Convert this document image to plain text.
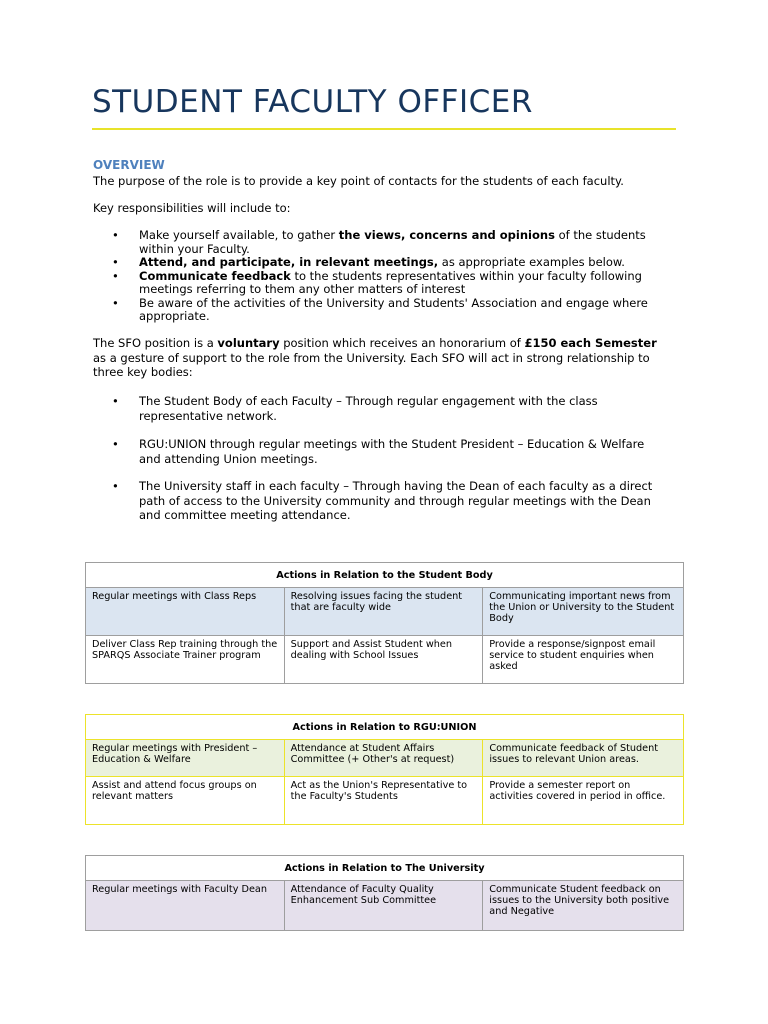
STUDENT FACULTY OFFICER
OVERVIEW
The purpose of the role is to provide a key point of contacts for the students of each faculty.
Key responsibilities will include to:
• Make yourself available, to gather the views, concerns and opinions of the students within your Faculty.
• Attend, and participate, in relevant meetings, as appropriate examples below.
• Communicate feedback to the students representatives within your faculty following meetings referring to them any other matters of interest
• Be aware of the activities of the University and Students' Association and engage where appropriate.
The SFO position is a voluntary position which receives an honorarium of £150 each Semester as a gesture of support to the role from the University. Each SFO will act in strong relationship to three key bodies:
• The Student Body of each Faculty – Through regular engagement with the class representative network.
• RGU:UNION through regular meetings with the Student President – Education & Welfare and attending Union meetings.
• The University staff in each faculty – Through having the Dean of each faculty as a direct path of access to the University community and through regular meetings with the Dean and committee meeting attendance.
Actions in Relation to the Student Body		
Regular meetings with Class Reps	Resolving issues facing the student that are faculty wide	Communicating important news from the Union or University to the Student Body
Deliver Class Rep training through the SPARQS Associate Trainer program	Support and Assist Student when dealing with School Issues	Provide a response/signpost email service to student enquiries when asked
Actions in Relation to RGU:UNION		
Regular meetings with President – Education & Welfare	Attendance at Student Affairs Committee (+ Other's at request)	Communicate feedback of Student issues to relevant Union areas.
Assist and attend focus groups on relevant matters	Act as the Union's Representative to the Faculty's Students	Provide a semester report on activities covered in period in office.
Actions in Relation to The University
Regular meetings with Faculty Dean	Attendance of Faculty Quality Enhancement Sub Committee	Communicate Student feedback on issues to the University both positive and Negative
